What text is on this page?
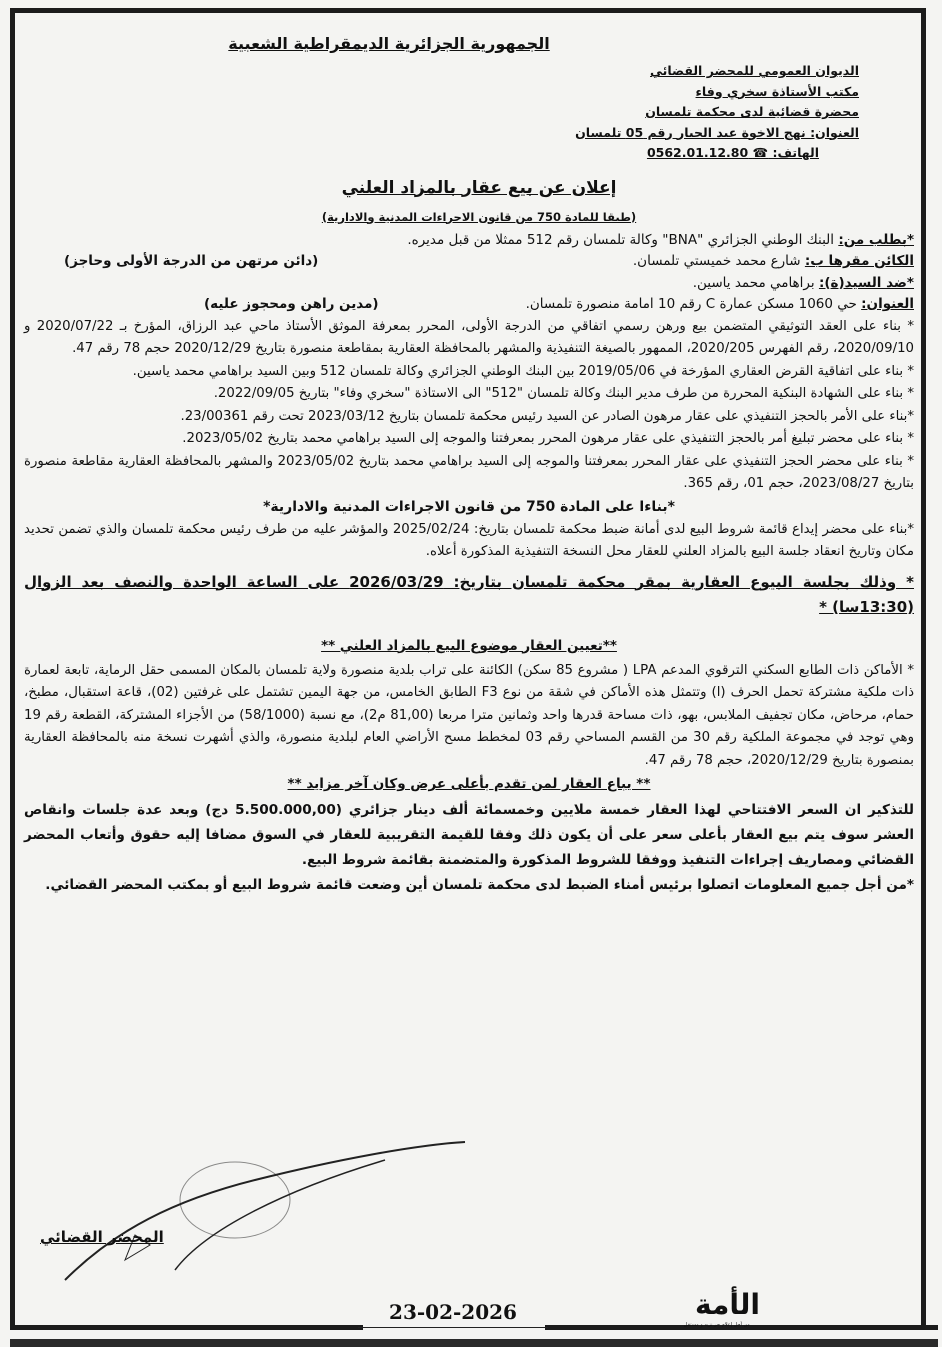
الجمهورية الجزائرية الديمقراطية الشعبية
الديوان العمومي للمحضر القضائي
مكتب الأستاذة سخري وفاء
محضرة قضائية لدى محكمة تلمسان
العنوان: نهج الاخوة عبد الجبار رقم 05 تلمسان
الهاتف: ☎ 0562.01.12.80
إعلان عن بيع عقار بالمزاد العلني
(طبقا للمادة 750 من قانون الاجراءات المدنية والادارية)
*بطلب من: البنك الوطني الجزائري "BNA" وكالة تلمسان رقم 512 ممثلا من قبل مديره.
الكائن مقرها ب: شارع محمد خميستي تلمسان.
(دائن مرتهن من الدرجة الأولى وحاجز)
*ضد السيد(ة): براهامي محمد ياسين.
العنوان: حي 1060 مسكن عمارة C رقم 10 امامة منصورة تلمسان.
(مدين راهن ومحجوز عليه)
* بناء على العقد التوثيقي المتضمن بيع ورهن رسمي اتفاقي من الدرجة الأولى، المحرر بمعرفة الموثق الأستاذ ماحي عبد الرزاق، المؤرخ بـ 2020/07/22 و 2020/09/10، رقم الفهرس 2020/205، الممهور بالصيغة التنفيذية والمشهر بالمحافظة العقارية بمقاطعة منصورة بتاريخ 2020/12/29 حجم 78 رقم 47.
* بناء على اتفاقية القرض العقاري المؤرخة في 2019/05/06 بين البنك الوطني الجزائري وكالة تلمسان 512 وبين السيد براهامي محمد ياسين.
* بناء على الشهادة البنكية المحررة من طرف مدير البنك وكالة تلمسان "512" الى الاستاذة "سخري وفاء" بتاريخ 2022/09/05.
*بناء على الأمر بالحجز التنفيذي على عقار مرهون الصادر عن السيد رئيس محكمة تلمسان بتاريخ 2023/03/12 تحت رقم 23/00361.
* بناء على محضر تبليغ أمر بالحجز التنفيذي على عقار مرهون المحرر بمعرفتنا والموجه إلى السيد براهامي محمد بتاريخ 2023/05/02.
* بناء على محضر الحجز التنفيذي على عقار المحرر بمعرفتنا والموجه إلى السيد براهامي محمد بتاريخ 2023/05/02 والمشهر بالمحافظة العقارية مقاطعة منصورة بتاريخ 2023/08/27، حجم 01، رقم 365.
*بناءا على المادة 750 من قانون الاجراءات المدنية والادارية*
*بناء على محضر إيداع قائمة شروط البيع لدى أمانة ضبط محكمة تلمسان بتاريخ: 2025/02/24 والمؤشر عليه من طرف رئيس محكمة تلمسان والذي تضمن تحديد مكان وتاريخ انعقاد جلسة البيع بالمزاد العلني للعقار محل النسخة التنفيذية المذكورة أعلاه.
* وذلك بجلسة البيوع العقارية بمقر محكمة تلمسان بتاريخ: 2026/03/29 على الساعة الواحدة والنصف بعد الزوال (13:30سا) *
**تعيين العقار موضوع البيع بالمزاد العلني **
* الأماكن ذات الطابع السكني الترقوي المدعم LPA ( مشروع 85 سكن) الكائنة على تراب بلدية منصورة ولاية تلمسان بالمكان المسمى حقل الرماية، تابعة لعمارة ذات ملكية مشتركة تحمل الحرف (ا) وتتمثل هذه الأماكن في شقة من نوع F3 الطابق الخامس، من جهة اليمين تشتمل على غرفتين (02)، قاعة استقبال، مطبخ، حمام، مرحاض، مكان تجفيف الملابس، بهو، ذات مساحة قدرها واحد وثمانين مترا مربعا (81,00 م2)، مع نسبة (58/1000) من الأجزاء المشتركة، القطعة رقم 19 وهي توجد في مجموعة الملكية رقم 30 من القسم المساحي رقم 03 لمخطط مسح الأراضي العام لبلدية منصورة، والذي أشهرت نسخة منه بالمحافظة العقارية بمنصورة بتاريخ 2020/12/29، حجم 78 رقم 47.
** يباع العقار لمن تقدم بأعلى عرض وكان آخر مزايد **
للتذكير ان السعر الافتتاحي لهذا العقار خمسة ملايين وخمسمائة ألف دينار جزائري (5.500.000,00 دج) وبعد عدة جلسات وانقاص العشر سوف يتم بيع العقار بأعلى سعر على أن يكون ذلك وفقا للقيمة التقريبية للعقار في السوق مضافا إليه حقوق وأتعاب المحضر القضائي ومصاريف إجراءات التنفيذ ووفقا للشروط المذكورة والمتضمنة بقائمة شروط البيع.
*من أجل جميع المعلومات اتصلوا برئيس أمناء الضبط لدى محكمة تلمسان أين وضعت قائمة شروط البيع أو بمكتب المحضر القضائي.
المحضر القضائي
23-02-2026	الأمة
من أجل إعلام حر نزيه و مستقل
